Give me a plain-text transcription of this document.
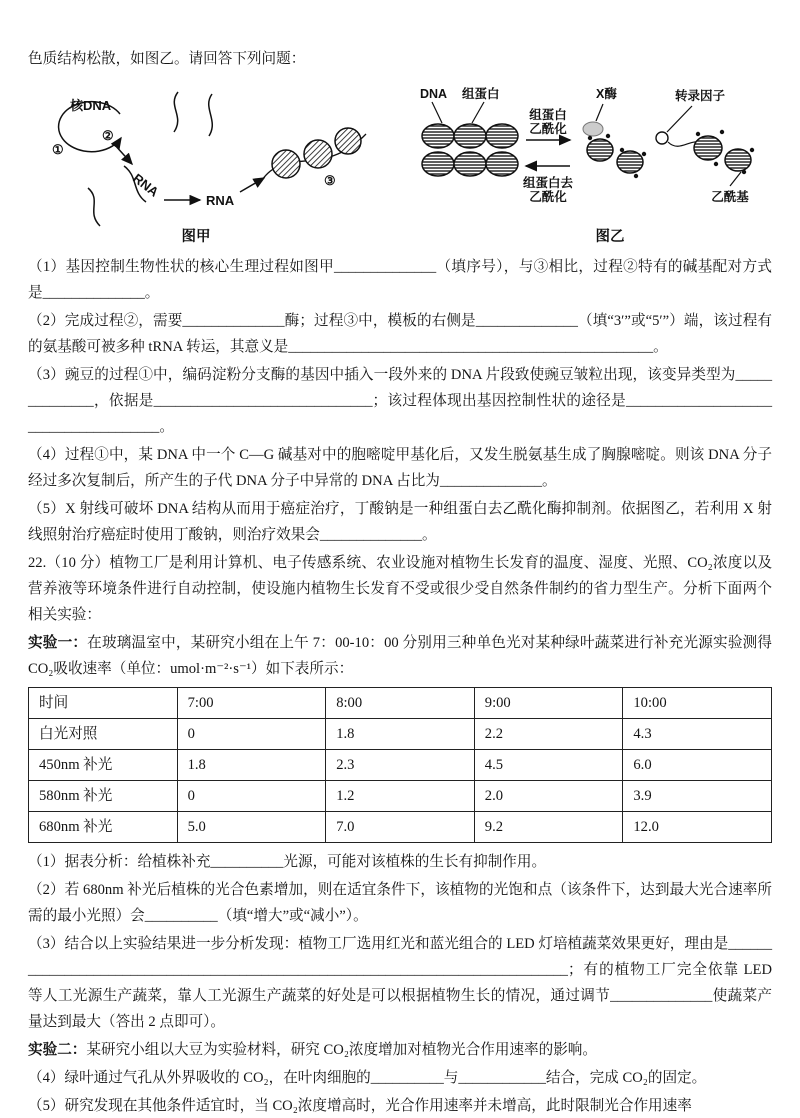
色质结构松散，如图乙。请回答下列问题：

核DNA
①
②
RNA
RNA
③
图甲
DNA 组蛋白
组蛋白
乙酰化
组蛋白去
乙酰化
X酶	转录因子
乙酰基
图乙

（1）基因控制生物性状的核心生理过程如图甲______________（填序号），与③相比，过程②特有的碱基配对方式是______________。

（2）完成过程②，需要______________酶；过程③中，模板的右侧是______________（填“3′”或“5′”）端，该过程有的氨基酸可被多种 tRNA 转运，其意义是__________________________________________________。

（3）豌豆的过程①中，编码淀粉分支酶的基因中插入一段外来的 DNA 片段致使豌豆皱粒出现，该变异类型为______________，依据是______________________________；该过程体现出基因控制性状的途径是______________________________________。

（4）过程①中，某 DNA 中一个 C—G 碱基对中的胞嘧啶甲基化后，又发生脱氨基生成了胸腺嘧啶。则该 DNA 分子经过多次复制后，所产生的子代 DNA 分子中异常的 DNA 占比为______________。

（5）X 射线可破坏 DNA 结构从而用于癌症治疗，丁酸钠是一种组蛋白去乙酰化酶抑制剂。依据图乙，若利用 X 射线照射治疗癌症时使用丁酸钠，则治疗效果会______________。

22.（10 分）植物工厂是利用计算机、电子传感系统、农业设施对植物生长发育的温度、湿度、光照、CO₂浓度以及营养液等环境条件进行自动控制，使设施内植物生长发育不受或很少受自然条件制约的省力型生产。分析下面两个相关实验：

实验一：在玻璃温室中，某研究小组在上午 7：00-10：00 分别用三种单色光对某种绿叶蔬菜进行补充光源实验测得 CO₂吸收速率（单位：umol·m⁻²·s⁻¹）如下表所示：

时间	7:00	8:00	9:00	10:00
白光对照	0	1.8	2.2	4.3
450nm 补光	1.8	2.3	4.5	6.0
580nm 补光	0	1.2	2.0	3.9
680nm 补光	5.0	7.0	9.2	12.0

（1）据表分析：给植株补充__________光源，可能对该植株的生长有抑制作用。

（2）若 680nm 补光后植株的光合色素增加，则在适宜条件下，该植物的光饱和点（该条件下，达到最大光合速率所需的最小光照）会__________（填“增大”或“减小”）。

（3）结合以上实验结果进一步分析发现：植物工厂选用红光和蓝光组合的 LED 灯培植蔬菜效果更好，理由是________________________________________________________________________________；有的植物工厂完全依靠 LED 等人工光源生产蔬菜，靠人工光源生产蔬菜的好处是可以根据植物生长的情况，通过调节______________使蔬菜产量达到最大（答出 2 点即可）。

实验二：某研究小组以大豆为实验材料，研究 CO₂浓度增加对植物光合作用速率的影响。

（4）绿叶通过气孔从外界吸收的 CO₂，在叶肉细胞的__________与____________结合，完成 CO₂的固定。

（5）研究发现在其他条件适宜时，当 CO₂浓度增高时，光合作用速率并未增高，此时限制光合作用速率
